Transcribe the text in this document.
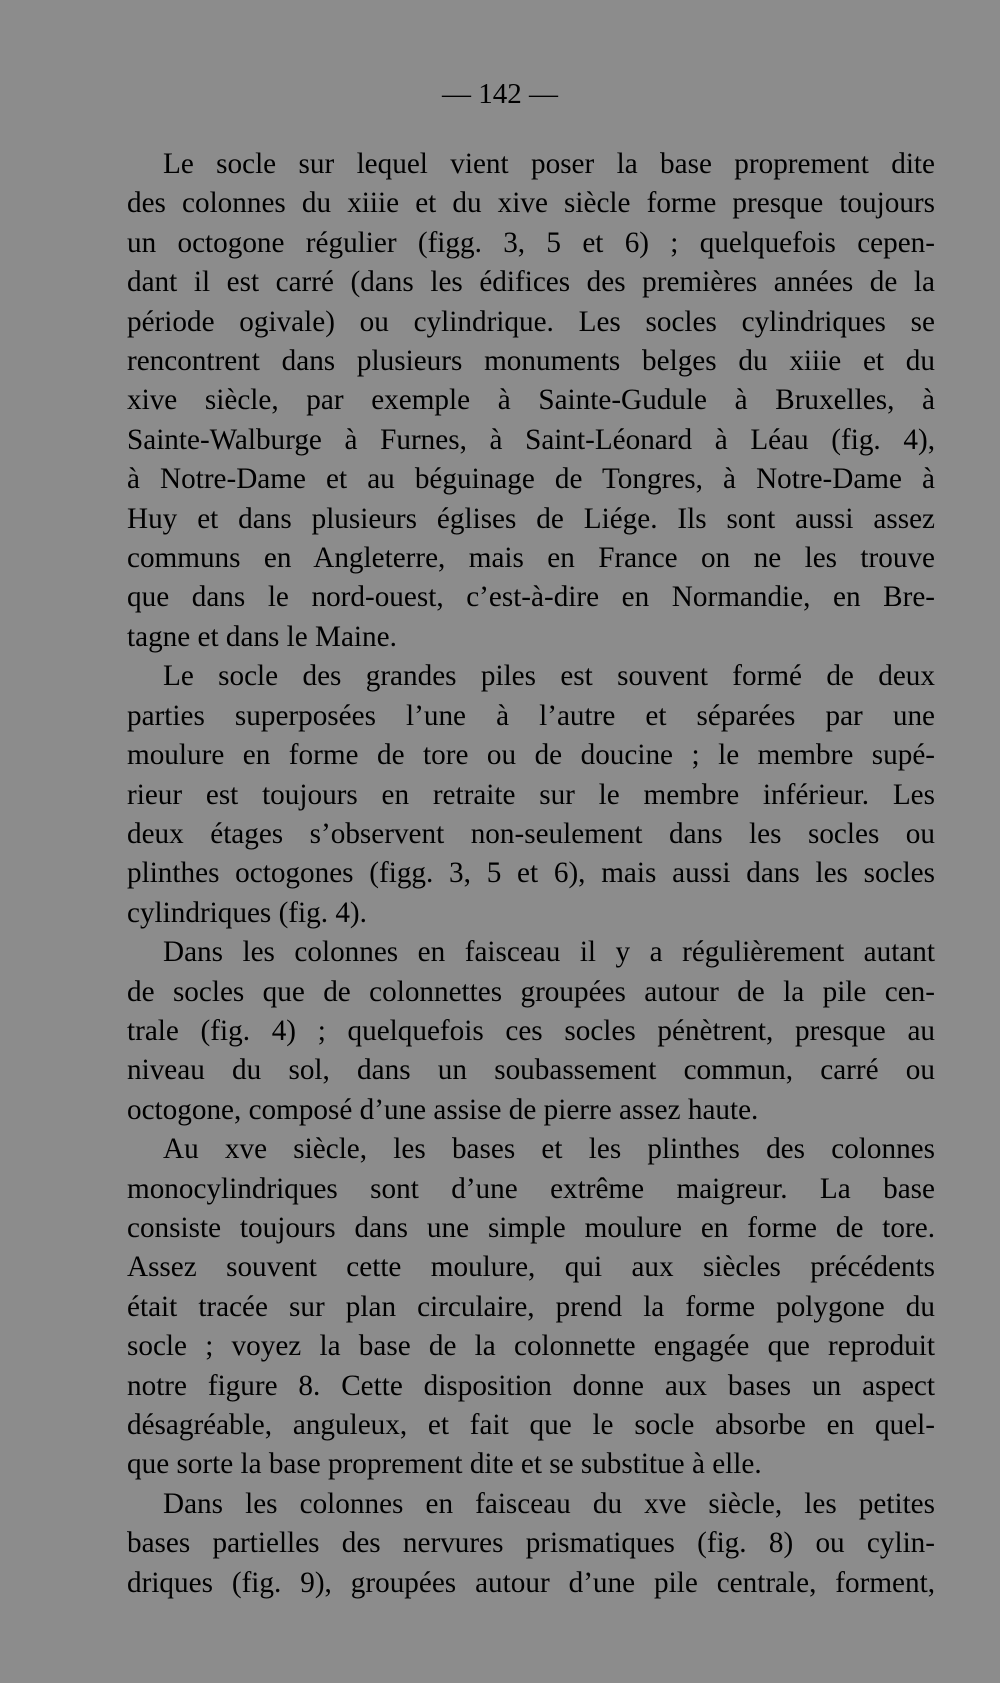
— 142 —

Le socle sur lequel vient poser la base proprement dite
des colonnes du xiiie et du xive siècle forme presque toujours
un octogone régulier (figg. 3, 5 et 6) ; quelquefois cepen-
dant il est carré (dans les édifices des premières années de la
période ogivale) ou cylindrique. Les socles cylindriques se
rencontrent dans plusieurs monuments belges du xiiie et du
xive siècle, par exemple à Sainte-Gudule à Bruxelles, à
Sainte-Walburge à Furnes, à Saint-Léonard à Léau (fig. 4),
à Notre-Dame et au béguinage de Tongres, à Notre-Dame à
Huy et dans plusieurs églises de Liége. Ils sont aussi assez
communs en Angleterre, mais en France on ne les trouve
que dans le nord-ouest, c’est-à-dire en Normandie, en Bre-
tagne et dans le Maine.

Le socle des grandes piles est souvent formé de deux
parties superposées l’une à l’autre et séparées par une
moulure en forme de tore ou de doucine ; le membre supé-
rieur est toujours en retraite sur le membre inférieur. Les
deux étages s’observent non-seulement dans les socles ou
plinthes octogones (figg. 3, 5 et 6), mais aussi dans les socles
cylindriques (fig. 4).

Dans les colonnes en faisceau il y a régulièrement autant
de socles que de colonnettes groupées autour de la pile cen-
trale (fig. 4) ; quelquefois ces socles pénètrent, presque au
niveau du sol, dans un soubassement commun, carré ou
octogone, composé d’une assise de pierre assez haute.

Au xve siècle, les bases et les plinthes des colonnes
monocylindriques sont d’une extrême maigreur. La base
consiste toujours dans une simple moulure en forme de tore.
Assez souvent cette moulure, qui aux siècles précédents
était tracée sur plan circulaire, prend la forme polygone du
socle ; voyez la base de la colonnette engagée que reproduit
notre figure 8. Cette disposition donne aux bases un aspect
désagréable, anguleux, et fait que le socle absorbe en quel-
que sorte la base proprement dite et se substitue à elle.

Dans les colonnes en faisceau du xve siècle, les petites
bases partielles des nervures prismatiques (fig. 8) ou cylin-
driques (fig. 9), groupées autour d’une pile centrale, forment,
